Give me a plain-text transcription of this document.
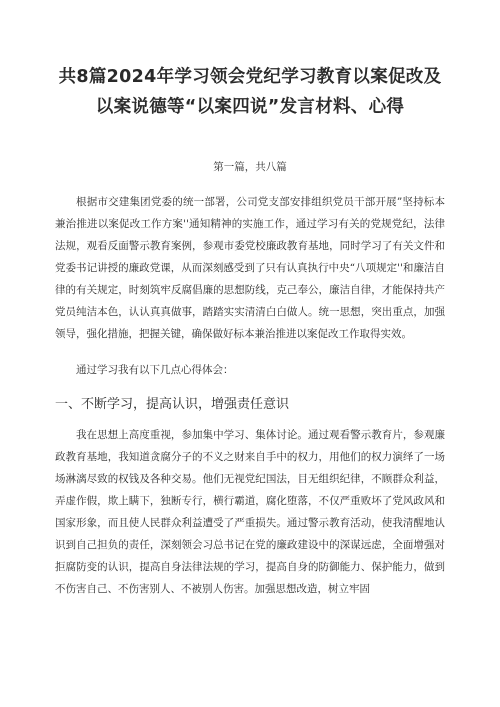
共8篇2024年学习领会党纪学习教育以案促改及以案说德等“以案四说”发言材料、心得
第一篇，共八篇

根据市交建集团党委的统一部署，公司党支部安排组织党员干部开展”坚持标本兼治推进以案促改工作方案''通知精神的实施工作，通过学习有关的党规党纪，法律法规，观看反面警示教育案例，参观市委党校廉政教育基地，同时学习了有关文件和党委书记讲授的廉政党课，从而深刻感受到了只有认真执行中央“八项规定''和廉洁自律的有关规定，时刻筑牢反腐倡廉的思想防线，克己奉公，廉洁自律，才能保持共产党员纯洁本色，认认真真做事，踏踏实实清清白白做人。统一思想，突出重点，加强领导，强化措施，把握关键，确保做好标本兼治推进以案促改工作取得实效。

通过学习我有以下几点心得体会：

一、不断学习，提高认识，增强责任意识

我在思想上高度重视，参加集中学习、集体讨论。通过观看警示教育片，参观廉政教育基地，我知道贪腐分子的不义之财来自手中的权力，用他们的权力演绎了一场场淋漓尽致的权钱及各种交易。他们无视党纪国法，目无组织纪律，不顾群众利益，弄虚作假，欺上瞒下，独断专行，横行霸道，腐化堕落，不仅严重败坏了党风政风和国家形象，而且使人民群众利益遭受了严重损失。通过警示教育活动，使我清醒地认识到自己担负的责任，深刻领会习总书记在党的廉政建设中的深谋远虑，全面增强对拒腐防变的认识，提高自身法律法规的学习，提高自身的防御能力、保护能力，做到不伤害自己、不伤害别人、不被别人伤害。加强思想改造，树立牢固
